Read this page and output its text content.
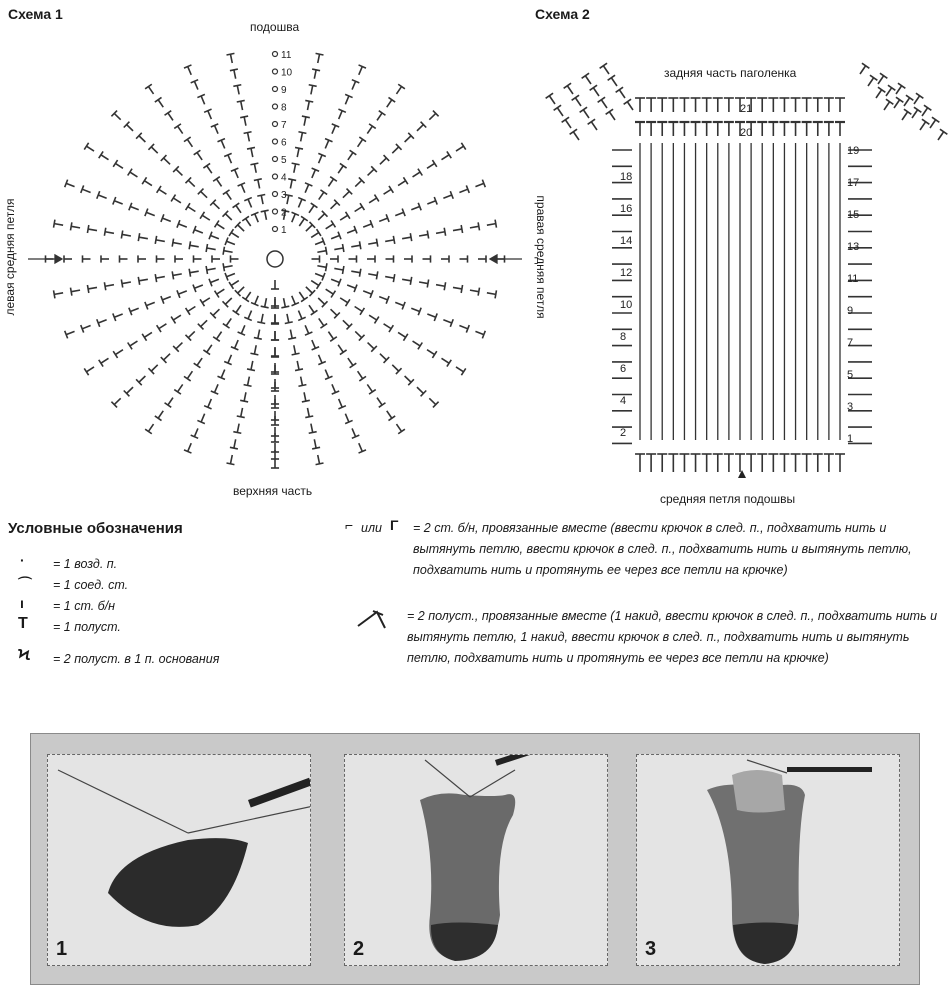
Схема 1
подошва
верхняя часть
левая средняя петля	правая средняя петля
11
10
9
8
7
6
5
4
3
2
1
Схема 2
задняя часть паголенка
средняя петля подошвы
21
20
18
16
14
12
10
8
6
4
2
19
17
15
13
11
9
7
5
3
1
Условные обозначения
· = 1 возд. п.
⌒ = 1 соед. ст.
ı = 1 ст. б/н
T = 1 полуст.
Ϟ = 2 полуст. в 1 п. основания
⌐ или Γ = 2 ст. б/н, провязанные вместе (ввести крючок в след. п., подхватить нить и вытянуть петлю, ввести крючок в след. п., подхватить нить и вытянуть петлю, подхватить нить и протянуть ее через все петли на крючке)
= 2 полуст., провязанные вместе (1 накид, ввести крючок в след. п., подхватить нить и вытянуть петлю, 1 накид, ввести крючок в след. п., подхватить нить и вытянуть петлю, подхватить нить и протянуть ее через все петли на крючке)
1	2	3
